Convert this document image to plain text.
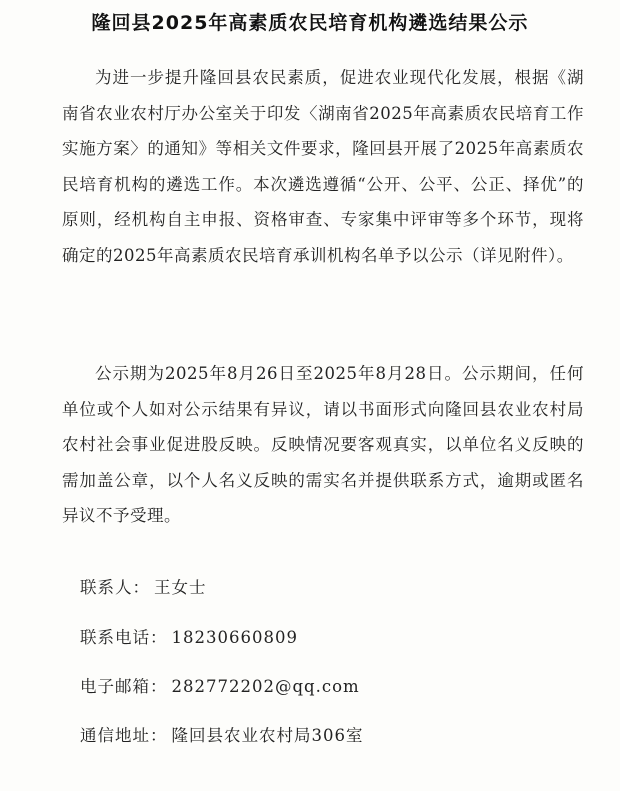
隆回县2025年高素质农民培育机构遴选结果公示

为进一步提升隆回县农民素质，促进农业现代化发展，根据《湖南省农业农村厅办公室关于印发〈湖南省2025年高素质农民培育工作实施方案〉的通知》等相关文件要求，隆回县开展了2025年高素质农民培育机构的遴选工作。本次遴选遵循“公开、公平、公正、择优”的原则，经机构自主申报、资格审查、专家集中评审等多个环节，现将确定的2025年高素质农民培育承训机构名单予以公示（详见附件）。

公示期为2025年8月26日至2025年8月28日。公示期间，任何单位或个人如对公示结果有异议，请以书面形式向隆回县农业农村局农村社会事业促进股反映。反映情况要客观真实，以单位名义反映的需加盖公章，以个人名义反映的需实名并提供联系方式，逾期或匿名异议不予受理。

联系人： 王女士
联系电话： 18230660809
电子邮箱： 282772202@qq.com
通信地址： 隆回县农业农村局306室
